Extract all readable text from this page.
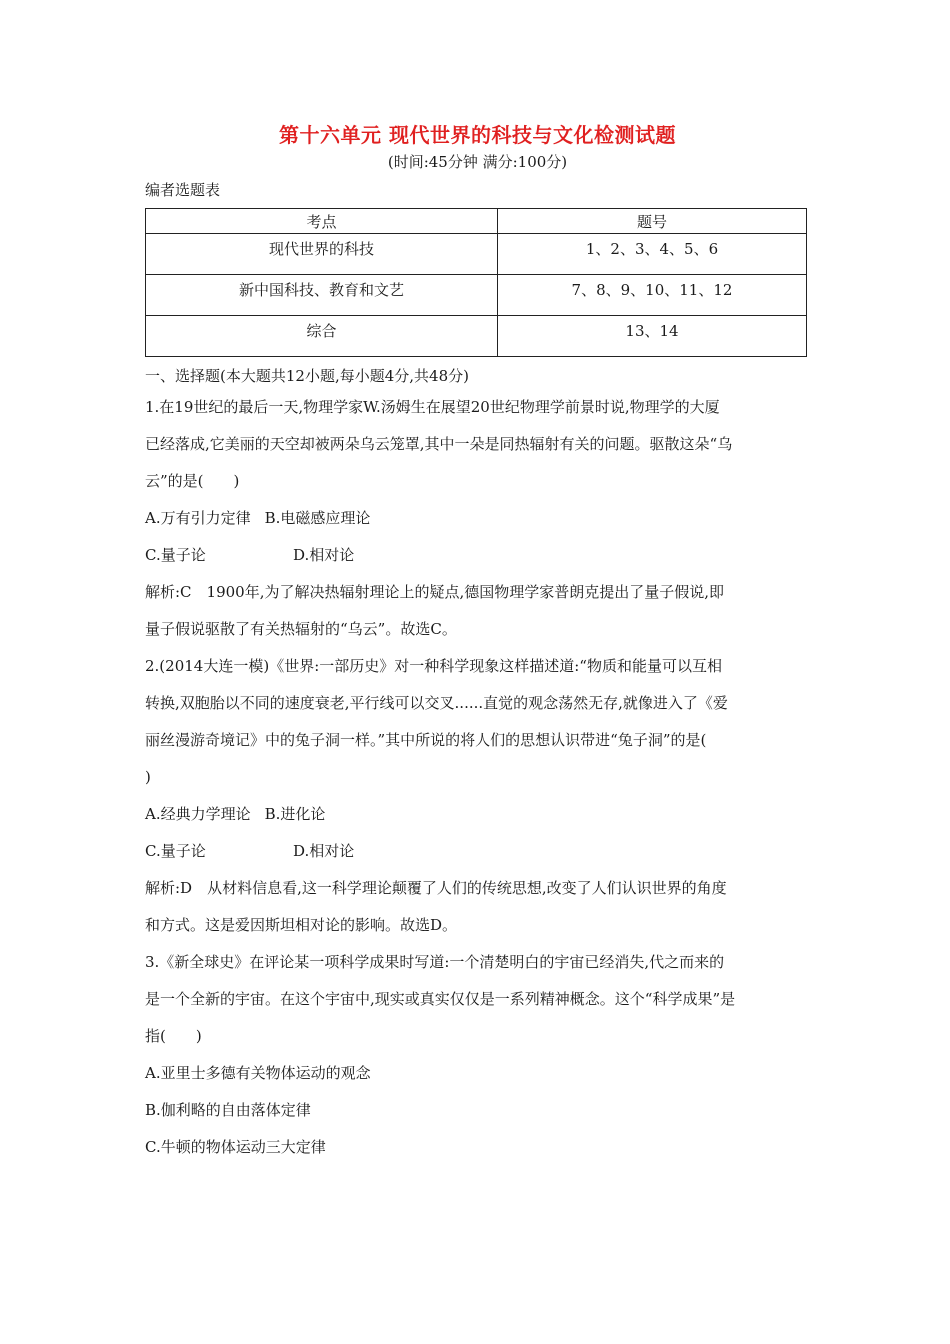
第十六单元 现代世界的科技与文化检测试题

(时间:45分钟 满分:100分)

编者选题表

考点	题号
现代世界的科技	1、2、3、4、5、6
新中国科技、教育和文艺	7、8、9、10、11、12
综合	13、14

一、选择题(本大题共12小题,每小题4分,共48分)

1.在19世纪的最后一天,物理学家W.汤姆生在展望20世纪物理学前景时说,物理学的大厦

已经落成,它美丽的天空却被两朵乌云笼罩,其中一朵是同热辐射有关的问题。驱散这朵“乌

云”的是(　　)

A.万有引力定律 B.电磁感应理论

C.量子论	D.相对论

解析:C　1900年,为了解决热辐射理论上的疑点,德国物理学家普朗克提出了量子假说,即

量子假说驱散了有关热辐射的“乌云”。故选C。

2.(2014大连一模)《世界:一部历史》对一种科学现象这样描述道:“物质和能量可以互相

转换,双胞胎以不同的速度衰老,平行线可以交叉......直觉的观念荡然无存,就像进入了《爱

丽丝漫游奇境记》中的兔子洞一样。”其中所说的将人们的思想认识带进“兔子洞”的是(

)

A.经典力学理论 B.进化论

C.量子论	D.相对论

解析:D　从材料信息看,这一科学理论颠覆了人们的传统思想,改变了人们认识世界的角度

和方式。这是爱因斯坦相对论的影响。故选D。

3.《新全球史》在评论某一项科学成果时写道:一个清楚明白的宇宙已经消失,代之而来的

是一个全新的宇宙。在这个宇宙中,现实或真实仅仅是一系列精神概念。这个“科学成果”是

指(　　)

A.亚里士多德有关物体运动的观念

B.伽利略的自由落体定律

C.牛顿的物体运动三大定律
